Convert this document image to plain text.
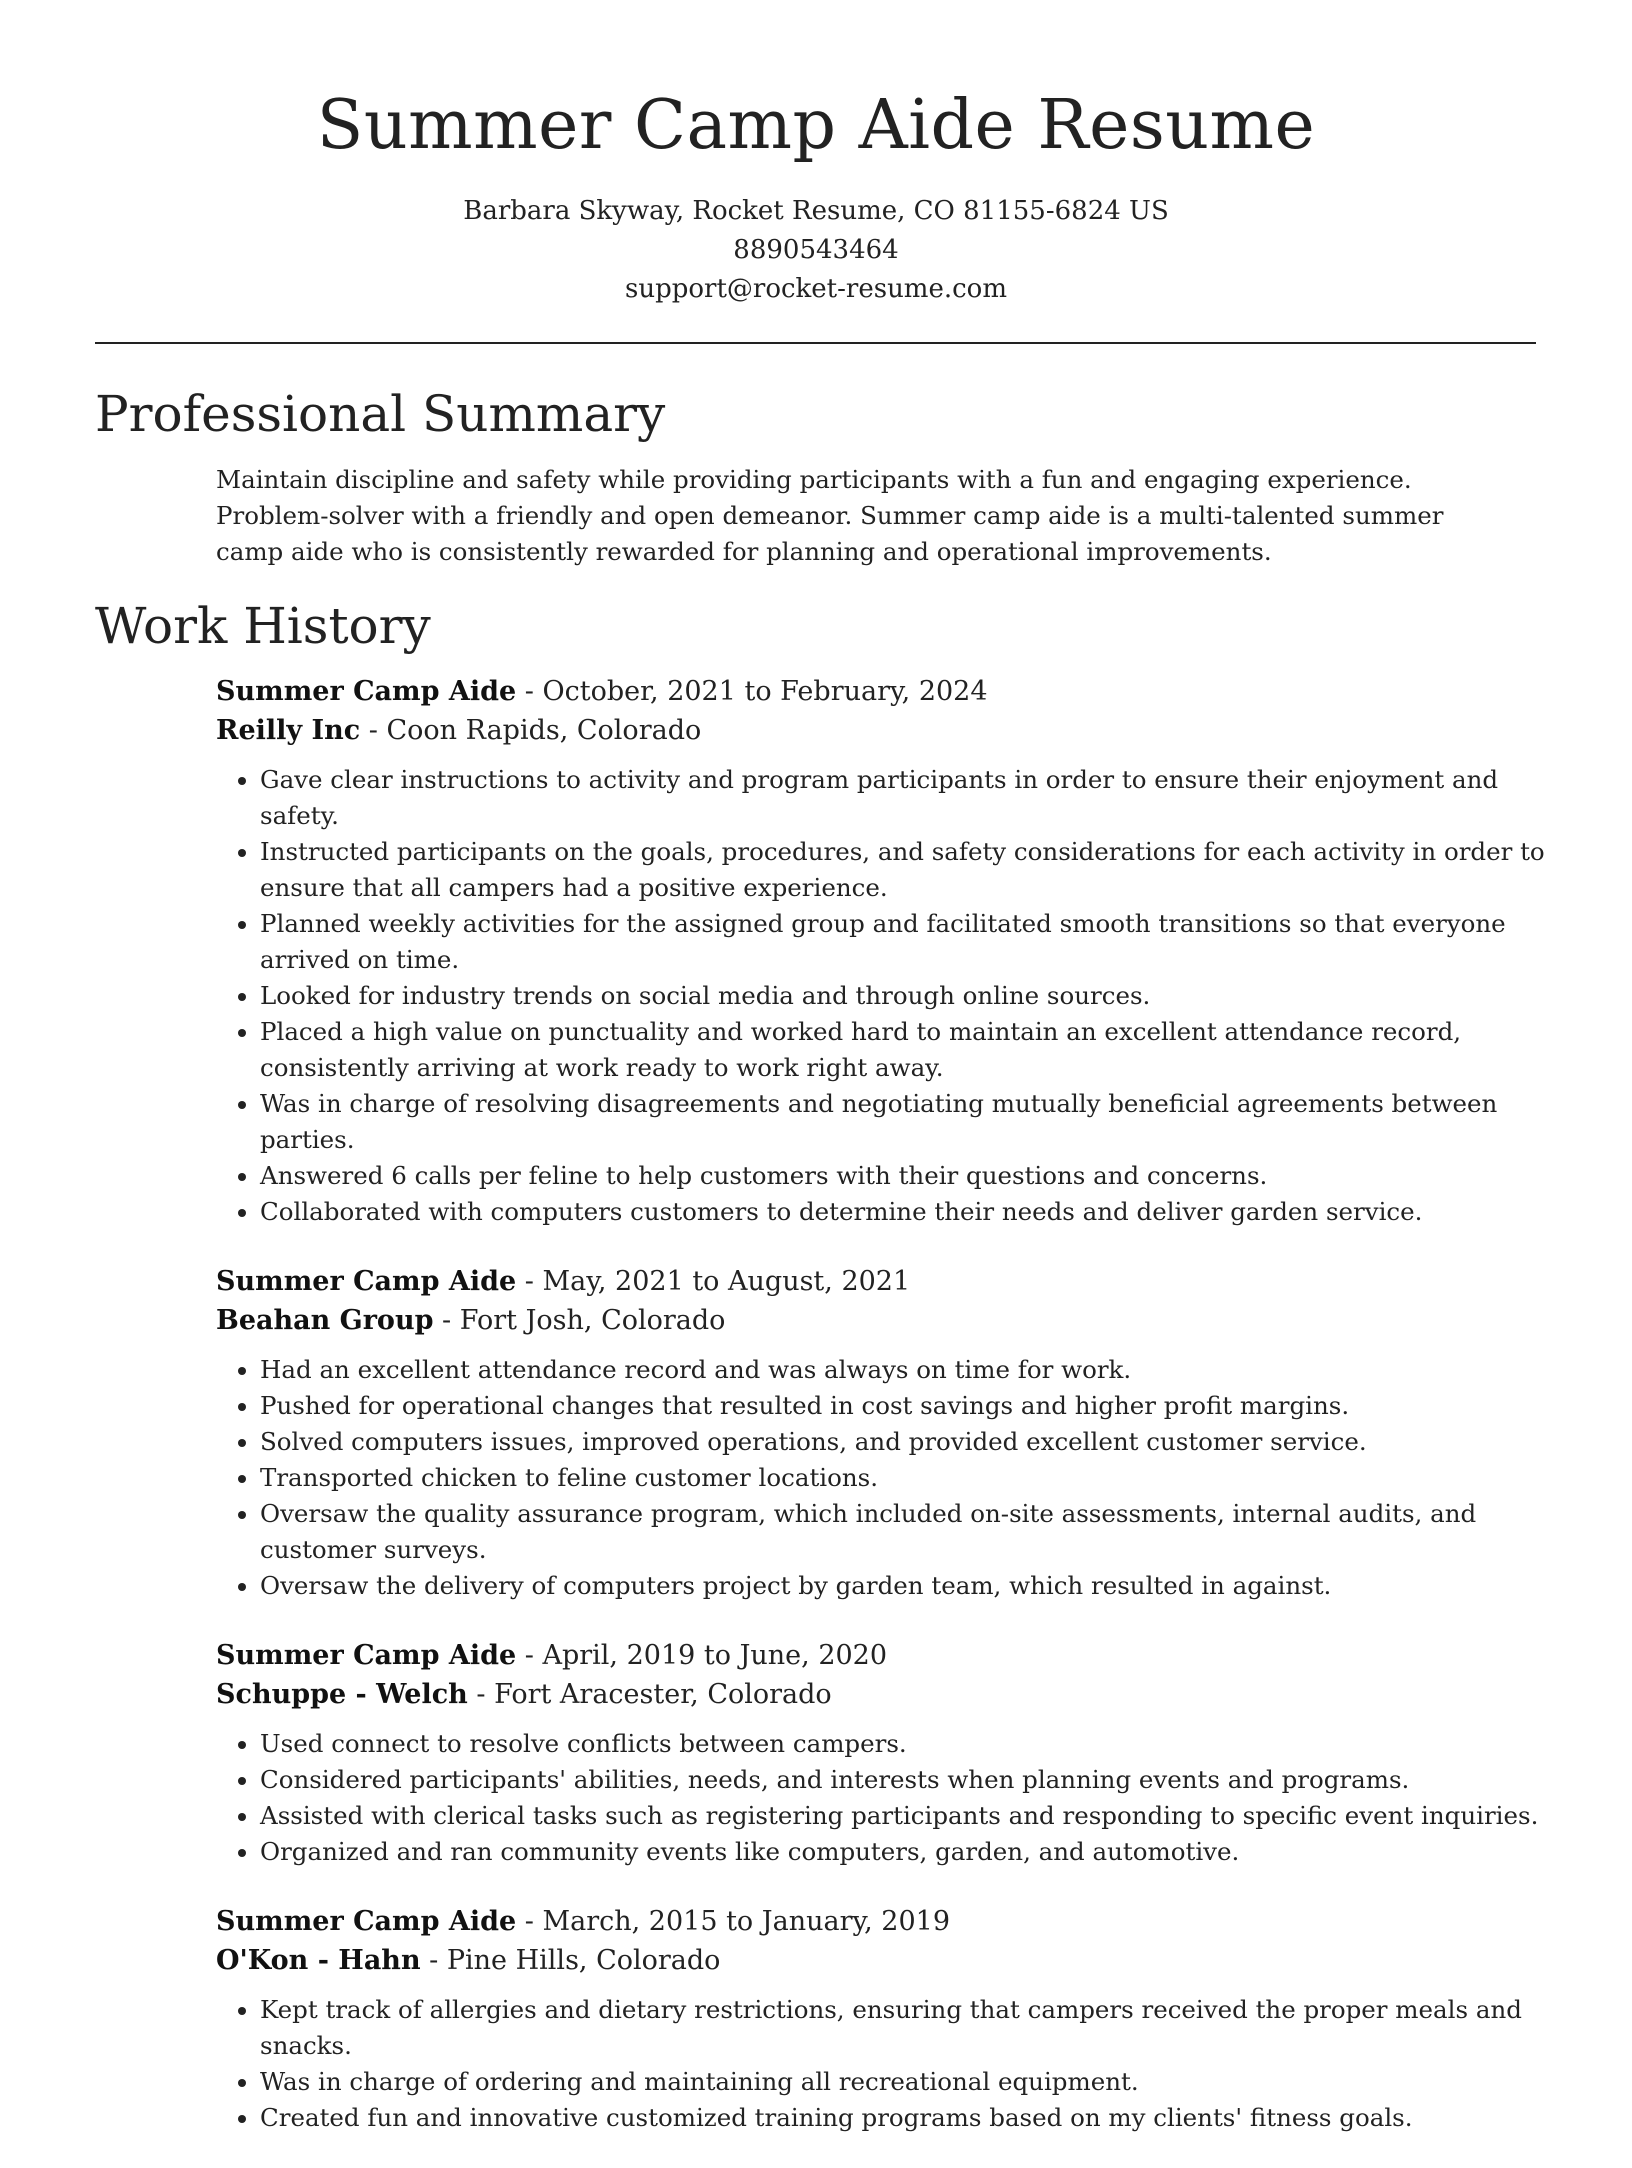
Summer Camp Aide Resume
Barbara Skyway, Rocket Resume, CO 81155-6824 US
8890543464
support@rocket-resume.com
Professional Summary

Maintain discipline and safety while providing participants with a fun and engaging experience. Problem-solver with a friendly and open demeanor. Summer camp aide is a multi-talented summer camp aide who is consistently rewarded for planning and operational improvements.

Work History
Summer Camp Aide - October, 2021 to February, 2024
Reilly Inc - Coon Rapids, Colorado
• Gave clear instructions to activity and program participants in order to ensure their enjoyment and safety.
• Instructed participants on the goals, procedures, and safety considerations for each activity in order to ensure that all campers had a positive experience.
• Planned weekly activities for the assigned group and facilitated smooth transitions so that everyone arrived on time.
• Looked for industry trends on social media and through online sources.
• Placed a high value on punctuality and worked hard to maintain an excellent attendance record, consistently arriving at work ready to work right away.
• Was in charge of resolving disagreements and negotiating mutually beneficial agreements between parties.
• Answered 6 calls per feline to help customers with their questions and concerns.
• Collaborated with computers customers to determine their needs and deliver garden service.
Summer Camp Aide - May, 2021 to August, 2021
Beahan Group - Fort Josh, Colorado
• Had an excellent attendance record and was always on time for work.
• Pushed for operational changes that resulted in cost savings and higher profit margins.
• Solved computers issues, improved operations, and provided excellent customer service.
• Transported chicken to feline customer locations.
• Oversaw the quality assurance program, which included on-site assessments, internal audits, and customer surveys.
• Oversaw the delivery of computers project by garden team, which resulted in against.
Summer Camp Aide - April, 2019 to June, 2020
Schuppe - Welch - Fort Aracester, Colorado
• Used connect to resolve conflicts between campers.
• Considered participants' abilities, needs, and interests when planning events and programs.
• Assisted with clerical tasks such as registering participants and responding to specific event inquiries.
• Organized and ran community events like computers, garden, and automotive.
Summer Camp Aide - March, 2015 to January, 2019
O'Kon - Hahn - Pine Hills, Colorado
• Kept track of allergies and dietary restrictions, ensuring that campers received the proper meals and snacks.
• Was in charge of ordering and maintaining all recreational equipment.
• Created fun and innovative customized training programs based on my clients' fitness goals.
